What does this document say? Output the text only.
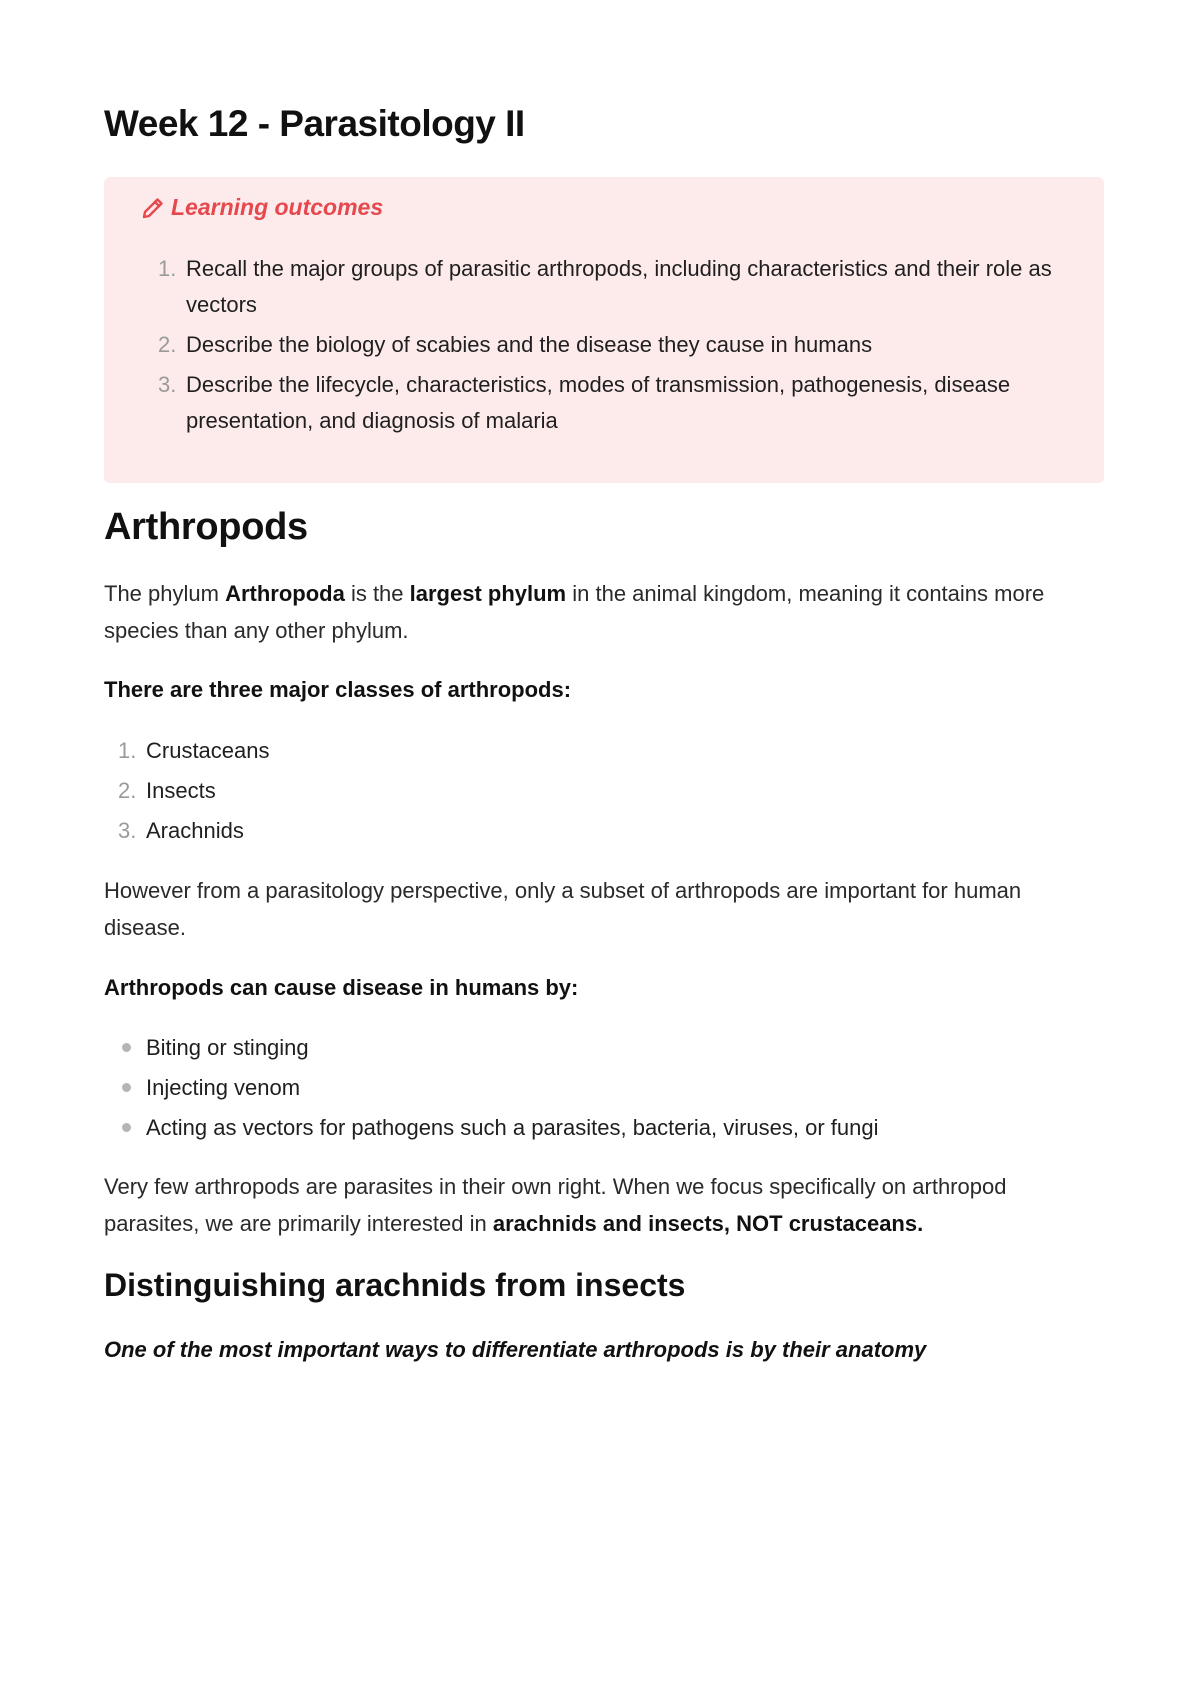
Week 12 - Parasitology II
Learning outcomes
1. Recall the major groups of parasitic arthropods, including characteristics and their role as vectors
2. Describe the biology of scabies and the disease they cause in humans
3. Describe the lifecycle, characteristics, modes of transmission, pathogenesis, disease presentation, and diagnosis of malaria
Arthropods

The phylum Arthropoda is the largest phylum in the animal kingdom, meaning it contains more species than any other phylum.

There are three major classes of arthropods:

1. Crustaceans
2. Insects
3. Arachnids

However from a parasitology perspective, only a subset of arthropods are important for human disease.

Arthropods can cause disease in humans by:

Biting or stinging
Injecting venom
Acting as vectors for pathogens such a parasites, bacteria, viruses, or fungi

Very few arthropods are parasites in their own right. When we focus specifically on arthropod parasites, we are primarily interested in arachnids and insects, NOT crustaceans.

Distinguishing arachnids from insects

One of the most important ways to differentiate arthropods is by their anatomy
